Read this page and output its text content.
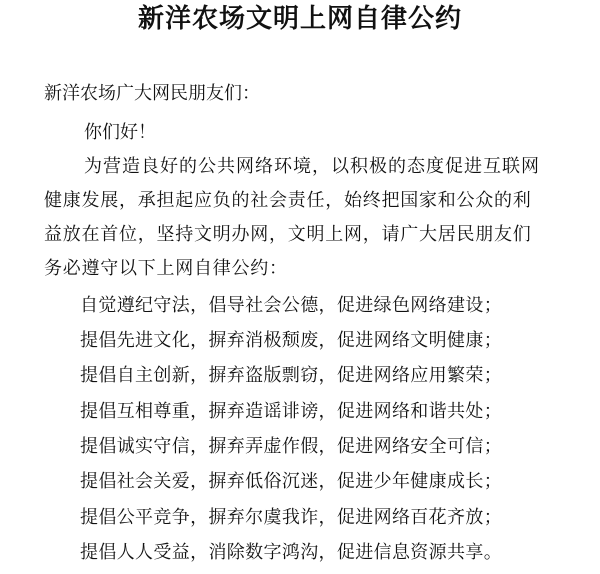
新洋农场文明上网自律公约

新洋农场广大网民朋友们：

你们好！

为营造良好的公共网络环境，以积极的态度促进互联网

健康发展，承担起应负的社会责任，始终把国家和公众的利

益放在首位，坚持文明办网，文明上网，请广大居民朋友们

务必遵守以下上网自律公约：

自觉遵纪守法，倡导社会公德，促进绿色网络建设；

提倡先进文化，摒弃消极颓废，促进网络文明健康；

提倡自主创新，摒弃盗版剽窃，促进网络应用繁荣；

提倡互相尊重，摒弃造谣诽谤，促进网络和谐共处；

提倡诚实守信，摒弃弄虚作假，促进网络安全可信；

提倡社会关爱，摒弃低俗沉迷，促进少年健康成长；

提倡公平竞争，摒弃尔虞我诈，促进网络百花齐放；

提倡人人受益，消除数字鸿沟，促进信息资源共享。
